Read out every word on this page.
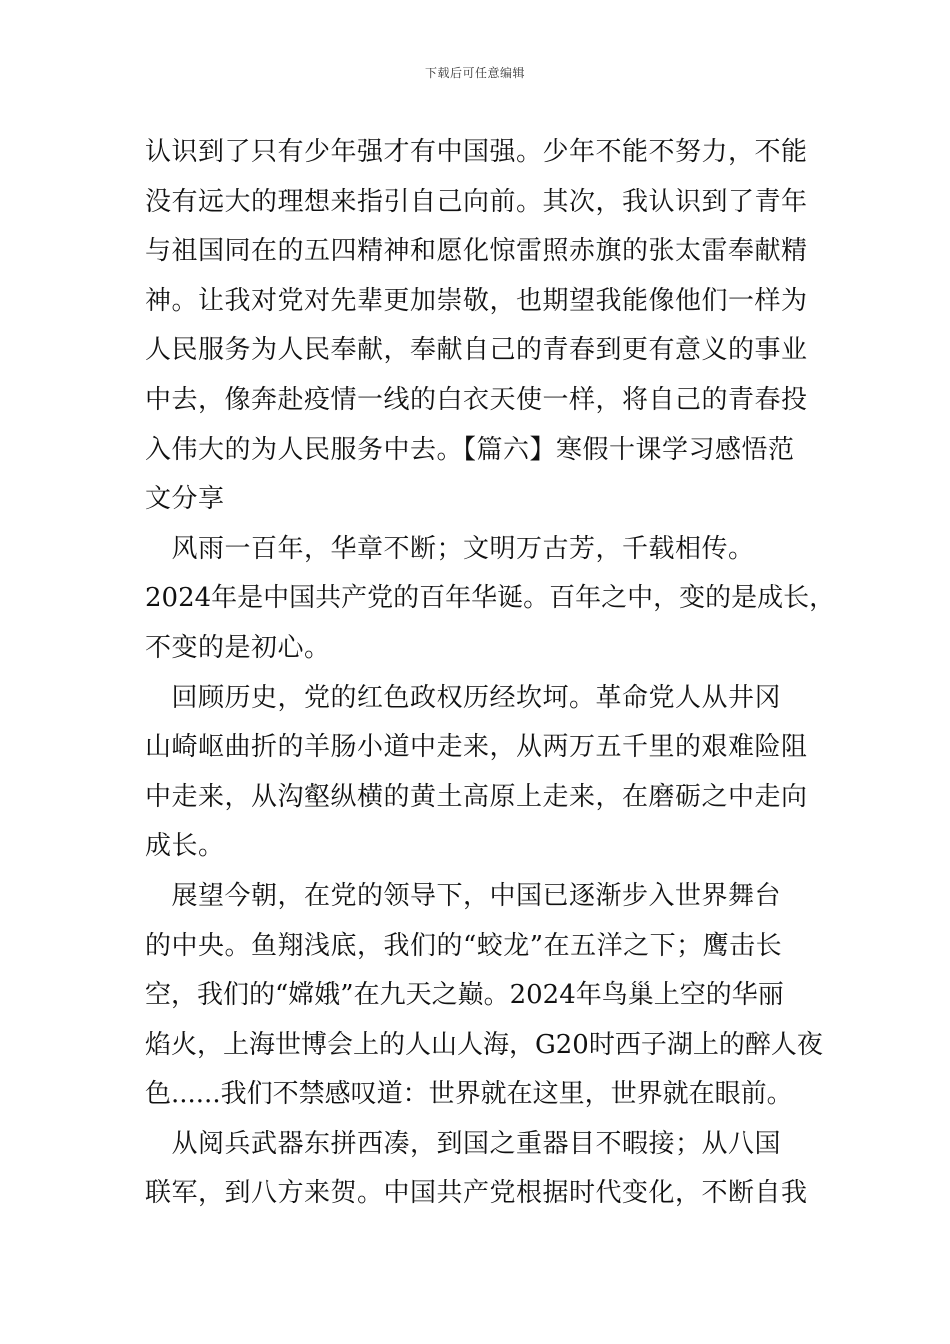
下载后可任意编辑
认识到了只有少年强才有中国强。少年不能不努力，不能
没有远大的理想来指引自己向前。其次，我认识到了青年
与祖国同在的五四精神和愿化惊雷照赤旗的张太雷奉献精
神。让我对党对先辈更加崇敬，也期望我能像他们一样为
人民服务为人民奉献，奉献自己的青春到更有意义的事业
中去，像奔赴疫情一线的白衣天使一样，将自己的青春投
入伟大的为人民服务中去。【篇六】寒假十课学习感悟范
文分享
　风雨一百年，华章不断；文明万古芳，千载相传。
2024年是中国共产党的百年华诞。百年之中，变的是成长，
不变的是初心。
　回顾历史，党的红色政权历经坎坷。革命党人从井冈
山崎岖曲折的羊肠小道中走来，从两万五千里的艰难险阻
中走来，从沟壑纵横的黄土高原上走来，在磨砺之中走向
成长。
　展望今朝，在党的领导下，中国已逐渐步入世界舞台
的中央。鱼翔浅底，我们的“蛟龙”在五洋之下；鹰击长
空，我们的“嫦娥”在九天之巅。2024年鸟巢上空的华丽
焰火，上海世博会上的人山人海，G20时西子湖上的醉人夜
色......我们不禁感叹道：世界就在这里，世界就在眼前。
　从阅兵武器东拼西凑，到国之重器目不暇接；从八国
联军，到八方来贺。中国共产党根据时代变化，不断自我
